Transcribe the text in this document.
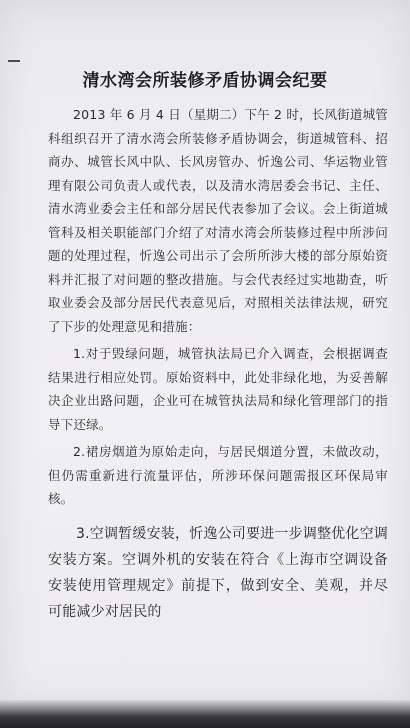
清水湾会所装修矛盾协调会纪要

2013 年 6 月 4 日（星期二）下午 2 时，长风街道城管科组织召开了清水湾会所装修矛盾协调会，街道城管科、招商办、城管长风中队、长风房管办、忻逸公司、华运物业管理有限公司负责人或代表，以及清水湾居委会书记、主任、清水湾业委会主任和部分居民代表参加了会议。会上街道城管科及相关职能部门介绍了对清水湾会所装修过程中所涉问题的处理过程，忻逸公司出示了会所所涉大楼的部分原始资料并汇报了对问题的整改措施。与会代表经过实地勘查，听取业委会及部分居民代表意见后，对照相关法律法规，研究了下步的处理意见和措施：

1.对于毁绿问题，城管执法局已介入调查，会根据调查结果进行相应处罚。原始资料中，此处非绿化地，为妥善解决企业出路问题，企业可在城管执法局和绿化管理部门的指导下还绿。

2.裙房烟道为原始走向，与居民烟道分置，未做改动，但仍需重新进行流量评估，所涉环保问题需报区环保局审核。

3.空调暂缓安装，忻逸公司要进一步调整优化空调安装方案。空调外机的安装在符合《上海市空调设备安装使用管理规定》前提下，做到安全、美观，并尽可能减少对居民的
